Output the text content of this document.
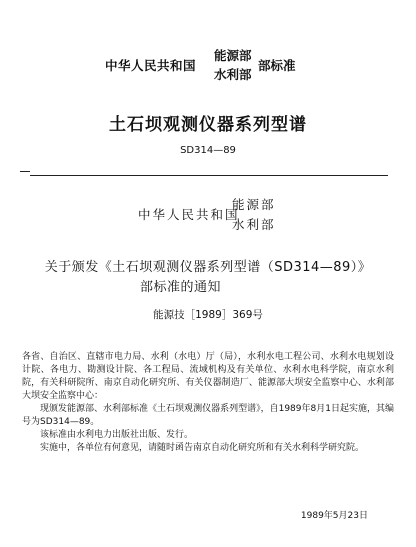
中华人民共和国
能源部
水利部
部标准
土石坝观测仪器系列型谱
SD314—89
中华人民共和国
能源部
水利部
关于颁发《土石坝观测仪器系列型谱（SD314—89）》
部标准的通知
能源技［1989］369号

各省、自治区、直辖市电力局、水利（水电）厅（局），水利水电工程公司、水利水电规划设计院、各电力、勘测设计院、各工程局、流域机构及有关单位、水利水电科学院，南京水利院，有关科研院所、南京自动化研究所、有关仪器制造厂、能源部大坝安全监察中心、水利部大坝安全监察中心：

现颁发能源部、水利部标准《土石坝观测仪器系列型谱》，自1989年8月1日起实施，其编号为SD314—89。

该标准由水利电力出版社出版、发行。

实施中，各单位有何意见，请随时函告南京自动化研究所和有关水利科学研究院。

1989年5月23日
